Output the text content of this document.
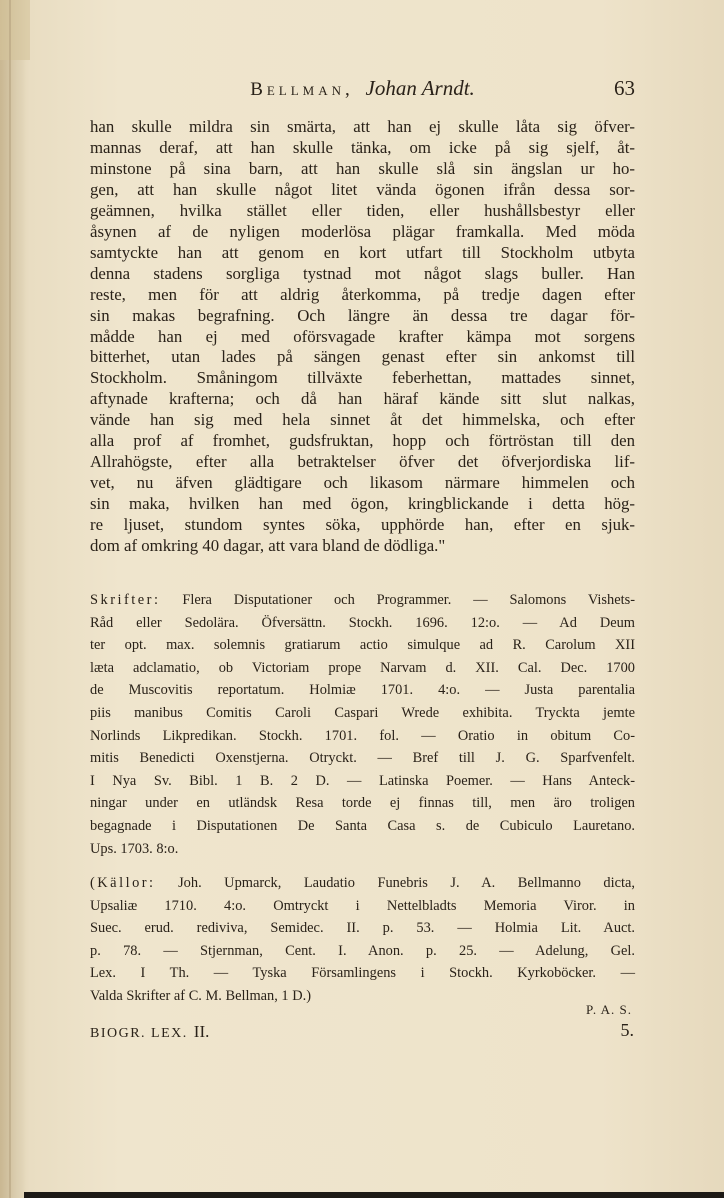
Bellman, Johan Arndt.	63
han skulle mildra sin smärta, att han ej skulle låta sig öfver-
mannas deraf, att han skulle tänka, om icke på sig sjelf, åt-
minstone på sina barn, att han skulle slå sin ängslan ur ho-
gen, att han skulle något litet vända ögonen ifrån dessa sor-
geämnen, hvilka stället eller tiden, eller hushållsbestyr eller
åsynen af de nyligen moderlösa plägar framkalla. Med möda
samtyckte han att genom en kort utfart till Stockholm utbyta
denna stadens sorgliga tystnad mot något slags buller. Han
reste, men för att aldrig återkomma, på tredje dagen efter
sin makas begrafning. Och längre än dessa tre dagar för-
mådde han ej med oförsvagade krafter kämpa mot sorgens
bitterhet, utan lades på sängen genast efter sin ankomst till
Stockholm. Småningom tillväxte feberhettan, mattades sinnet,
aftynade krafterna; och då han häraf kände sitt slut nalkas,
vände han sig med hela sinnet åt det himmelska, och efter
alla prof af fromhet, gudsfruktan, hopp och förtröstan till den
Allrahögste, efter alla betraktelser öfver det öfverjordiska lif-
vet, nu äfven glädtigare och likasom närmare himmelen och
sin maka, hvilken han med ögon, kringblickande i detta hög-
re ljuset, stundom syntes söka, upphörde han, efter en sjuk-
dom af omkring 40 dagar, att vara bland de dödliga."
Skrifter: Flera Disputationer och Programmer. — Salomons Vishets-
Råd eller Sedolära. Öfversättn. Stockh. 1696. 12:o. — Ad Deum
ter opt. max. solemnis gratiarum actio simulque ad R. Carolum XII
læta adclamatio, ob Victoriam prope Narvam d. XII. Cal. Dec. 1700
de Muscovitis reportatum. Holmiæ 1701. 4:o. — Justa parentalia
piis manibus Comitis Caroli Caspari Wrede exhibita. Tryckta jemte
Norlinds Likpredikan. Stockh. 1701. fol. — Oratio in obitum Co-
mitis Benedicti Oxenstjerna. Otryckt. — Bref till J. G. Sparfvenfelt.
I Nya Sv. Bibl. 1 B. 2 D. — Latinska Poemer. — Hans Anteck-
ningar under en utländsk Resa torde ej finnas till, men äro troligen
begagnade i Disputationen De Santa Casa s. de Cubiculo Lauretano.
Ups. 1703. 8:o.
(Källor: Joh. Upmarck, Laudatio Funebris J. A. Bellmanno dicta,
Upsaliæ 1710. 4:o. Omtryckt i Nettelbladts Memoria Viror. in
Suec. erud. rediviva, Semidec. II. p. 53. — Holmia Lit. Auct.
p. 78. — Stjernman, Cent. I. Anon. p. 25. — Adelung, Gel.
Lex. I Th. — Tyska Församlingens i Stockh. Kyrkoböcker. —
Valda Skrifter af C. M. Bellman, 1 D.)
P. A. S.
BIOGR. LEX. II.	5.
